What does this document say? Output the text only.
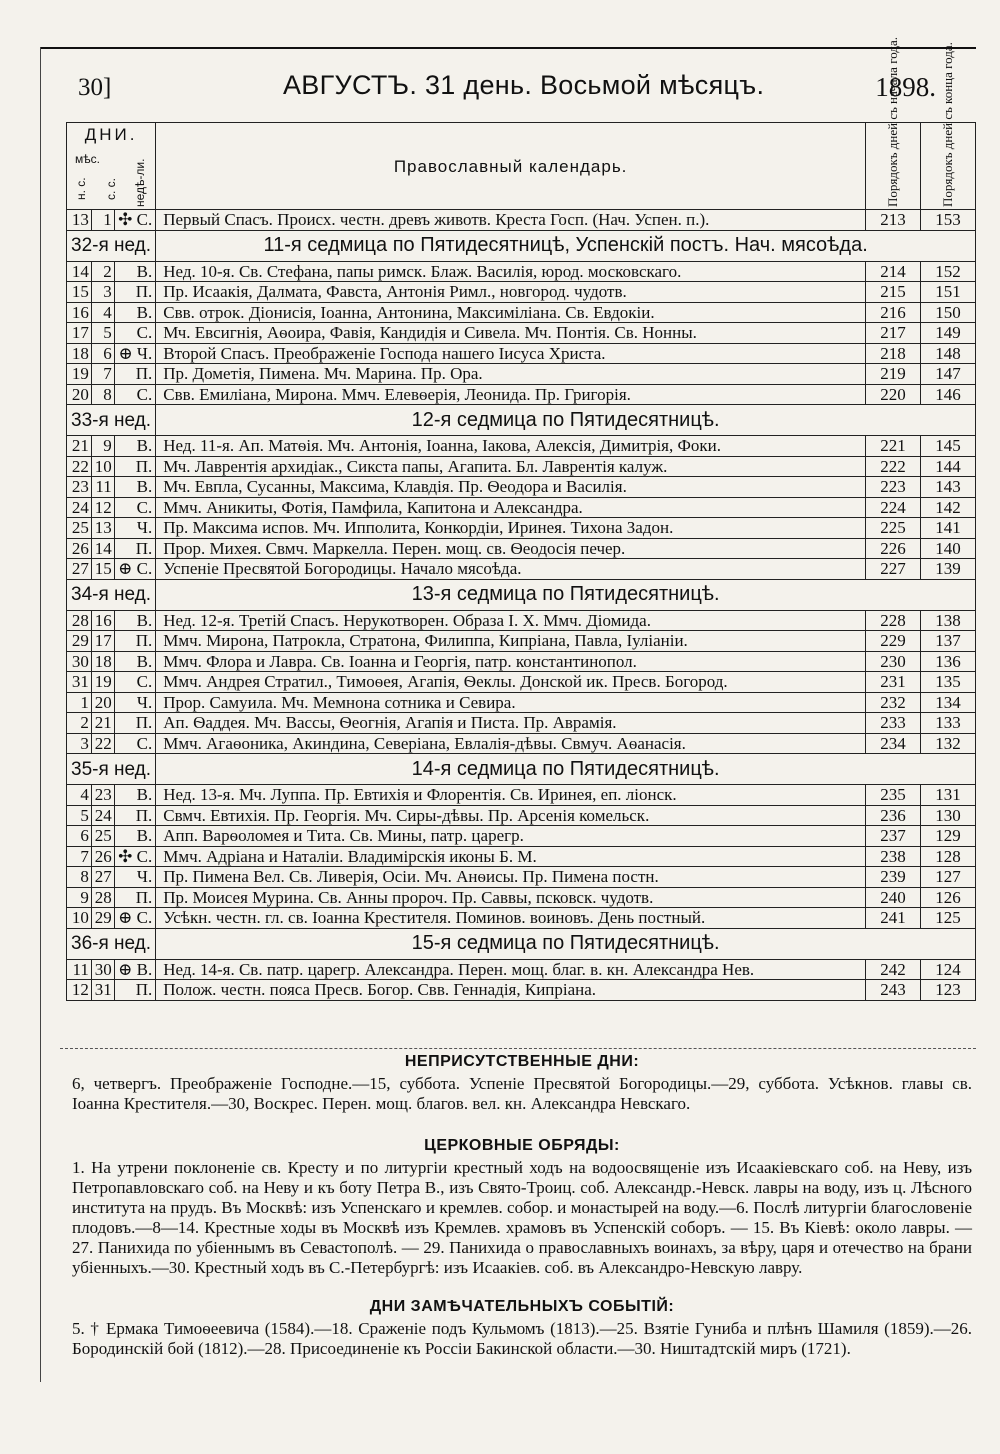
30]	АВГУСТЪ. 31 день. Восьмой мѣсяцъ.	1898.
ДНИ.
мѣс.
н. с. с. с. недѣ-ли.			Православный календарь.	Порядокъ дней съ начала года.	Порядокъ дней съ конца года.

13	1	✣ С.	Первый Спасъ. Происх. честн. древъ животв. Креста Госп. (Нач. Успен. п.).	213	153
32-я нед.			11-я седмица по Пятидесятницѣ, Успенскій постъ. Нач. мясоѣда.		
14	2	В.	Нед. 10-я. Св. Стефана, папы римск. Блаж. Василія, юрод. московскаго.	214	152
15	3	П.	Пр. Исаакія, Далмата, Фавста, Антонія Римл., новгород. чудотв.	215	151
16	4	В.	Свв. отрок. Діонисія, Іоанна, Антонина, Максиміліана. Св. Евдокіи.	216	150
17	5	С.	Мч. Евсигнія, Аѳоира, Фавія, Кандидія и Сивела. Мч. Понтія. Св. Нонны.	217	149
18	6	⊕ Ч.	Второй Спасъ. Преображеніе Господа нашего Іисуса Христа.	218	148
19	7	П.	Пр. Дометія, Пимена. Мч. Марина. Пр. Ора.	219	147
20	8	С.	Свв. Емиліана, Мирона. Ммч. Елевѳерія, Леонида. Пр. Григорія.	220	146
33-я нед.			12-я седмица по Пятидесятницѣ.		
21	9	В.	Нед. 11-я. Ап. Матѳія. Мч. Антонія, Іоанна, Іакова, Алексія, Димитрія, Фоки.	221	145
22	10	П.	Мч. Лаврентія архидіак., Сикста папы, Агапита. Бл. Лаврентія калуж.	222	144
23	11	В.	Мч. Евпла, Сусанны, Максима, Клавдія. Пр. Ѳеодора и Василія.	223	143
24	12	С.	Ммч. Аникиты, Фотія, Памфила, Капитона и Александра.	224	142
25	13	Ч.	Пр. Максима испов. Мч. Ипполита, Конкордіи, Иринея. Тихона Задон.	225	141
26	14	П.	Прор. Михея. Свмч. Маркелла. Перен. мощ. св. Ѳеодосія печер.	226	140
27	15	⊕ С.	Успеніе Пресвятой Богородицы. Начало мясоѣда.	227	139
34-я нед.			13-я седмица по Пятидесятницѣ.		
28	16	В.	Нед. 12-я. Третій Спасъ. Нерукотворен. Образа І. Х. Ммч. Діомида.	228	138
29	17	П.	Ммч. Мирона, Патрокла, Стратона, Филиппа, Кипріана, Павла, Іуліаніи.	229	137
30	18	В.	Ммч. Флора и Лавра. Св. Іоанна и Георгія, патр. константинопол.	230	136
31	19	С.	Ммч. Андрея Стратил., Тимоѳея, Агапія, Ѳеклы. Донской ик. Пресв. Богород.	231	135
1	20	Ч.	Прор. Самуила. Мч. Мемнона сотника и Севира.	232	134
2	21	П.	Ап. Ѳаддея. Мч. Вассы, Ѳеогнія, Агапія и Писта. Пр. Аврамія.	233	133
3	22	С.	Ммч. Агаѳоника, Акиндина, Северіана, Евлалія-дѣвы. Свмуч. Аѳанасія.	234	132
35-я нед.			14-я седмица по Пятидесятницѣ.		
4	23	В.	Нед. 13-я. Мч. Луппа. Пр. Евтихія и Флорентія. Св. Иринея, еп. ліонск.	235	131
5	24	П.	Свмч. Евтихія. Пр. Георгія. Мч. Сиры-дѣвы. Пр. Арсенія комельск.	236	130
6	25	В.	Апп. Варѳоломея и Тита. Св. Мины, патр. царегр.	237	129
7	26	✣ С.	Ммч. Адріана и Наталіи. Владимірскія иконы Б. М.	238	128
8	27	Ч.	Пр. Пимена Вел. Св. Ливерія, Осіи. Мч. Анѳисы. Пр. Пимена постн.	239	127
9	28	П.	Пр. Моисея Мурина. Св. Анны пророч. Пр. Саввы, псковск. чудотв.	240	126
10	29	⊕ С.	Усѣкн. честн. гл. св. Іоанна Крестителя. Поминов. воиновъ. День постный.	241	125
36-я нед.			15-я седмица по Пятидесятницѣ.		
11	30	⊕ В.	Нед. 14-я. Св. патр. царегр. Александра. Перен. мощ. благ. в. кн. Александра Нев.	242	124
12	31	П.	Полож. честн. пояса Пресв. Богор. Свв. Геннадія, Кипріана.	243	123
НЕПРИСУТСТВЕННЫЕ ДНИ:
6, четвергъ. Преображеніе Господне.—15, суббота. Успеніе Пресвятой Богородицы.—29, суббота. Усѣкнов. главы св. Іоанна Крестителя.—30, Воскрес. Перен. мощ. благов. вел. кн. Александра Невскаго.
ЦЕРКОВНЫЕ ОБРЯДЫ:
1. На утрени поклоненіе св. Кресту и по литургіи крестный ходъ на водоосвященіе изъ Исаакіевскаго соб. на Неву, изъ Петропавловскаго соб. на Неву и къ боту Петра В., изъ Свято-Троиц. соб. Александр.-Невск. лавры на воду, изъ ц. Лѣсного института на прудъ. Въ Москвѣ: изъ Успенскаго и кремлев. собор. и монастырей на воду.—6. Послѣ литургіи благословеніе плодовъ.—8—14. Крестные ходы въ Москвѣ изъ Кремлев. храмовъ въ Успенскій соборъ. — 15. Въ Кіевѣ: около лавры. — 27. Панихида по убіеннымъ въ Севастополѣ. — 29. Панихида о православныхъ воинахъ, за вѣру, царя и отечество на брани убіенныхъ.—30. Крестный ходъ въ С.-Петербургѣ: изъ Исаакіев. соб. въ Александро-Невскую лавру.
ДНИ ЗАМѢЧАТЕЛЬНЫХЪ СОБЫТІЙ:
5. † Ермака Тимоѳеевича (1584).—18. Сраженіе подъ Кульмомъ (1813).—25. Взятіе Гуниба и плѣнъ Шамиля (1859).—26. Бородинскій бой (1812).—28. Присоединеніе къ Россіи Бакинской области.—30. Ништадтскій миръ (1721).
